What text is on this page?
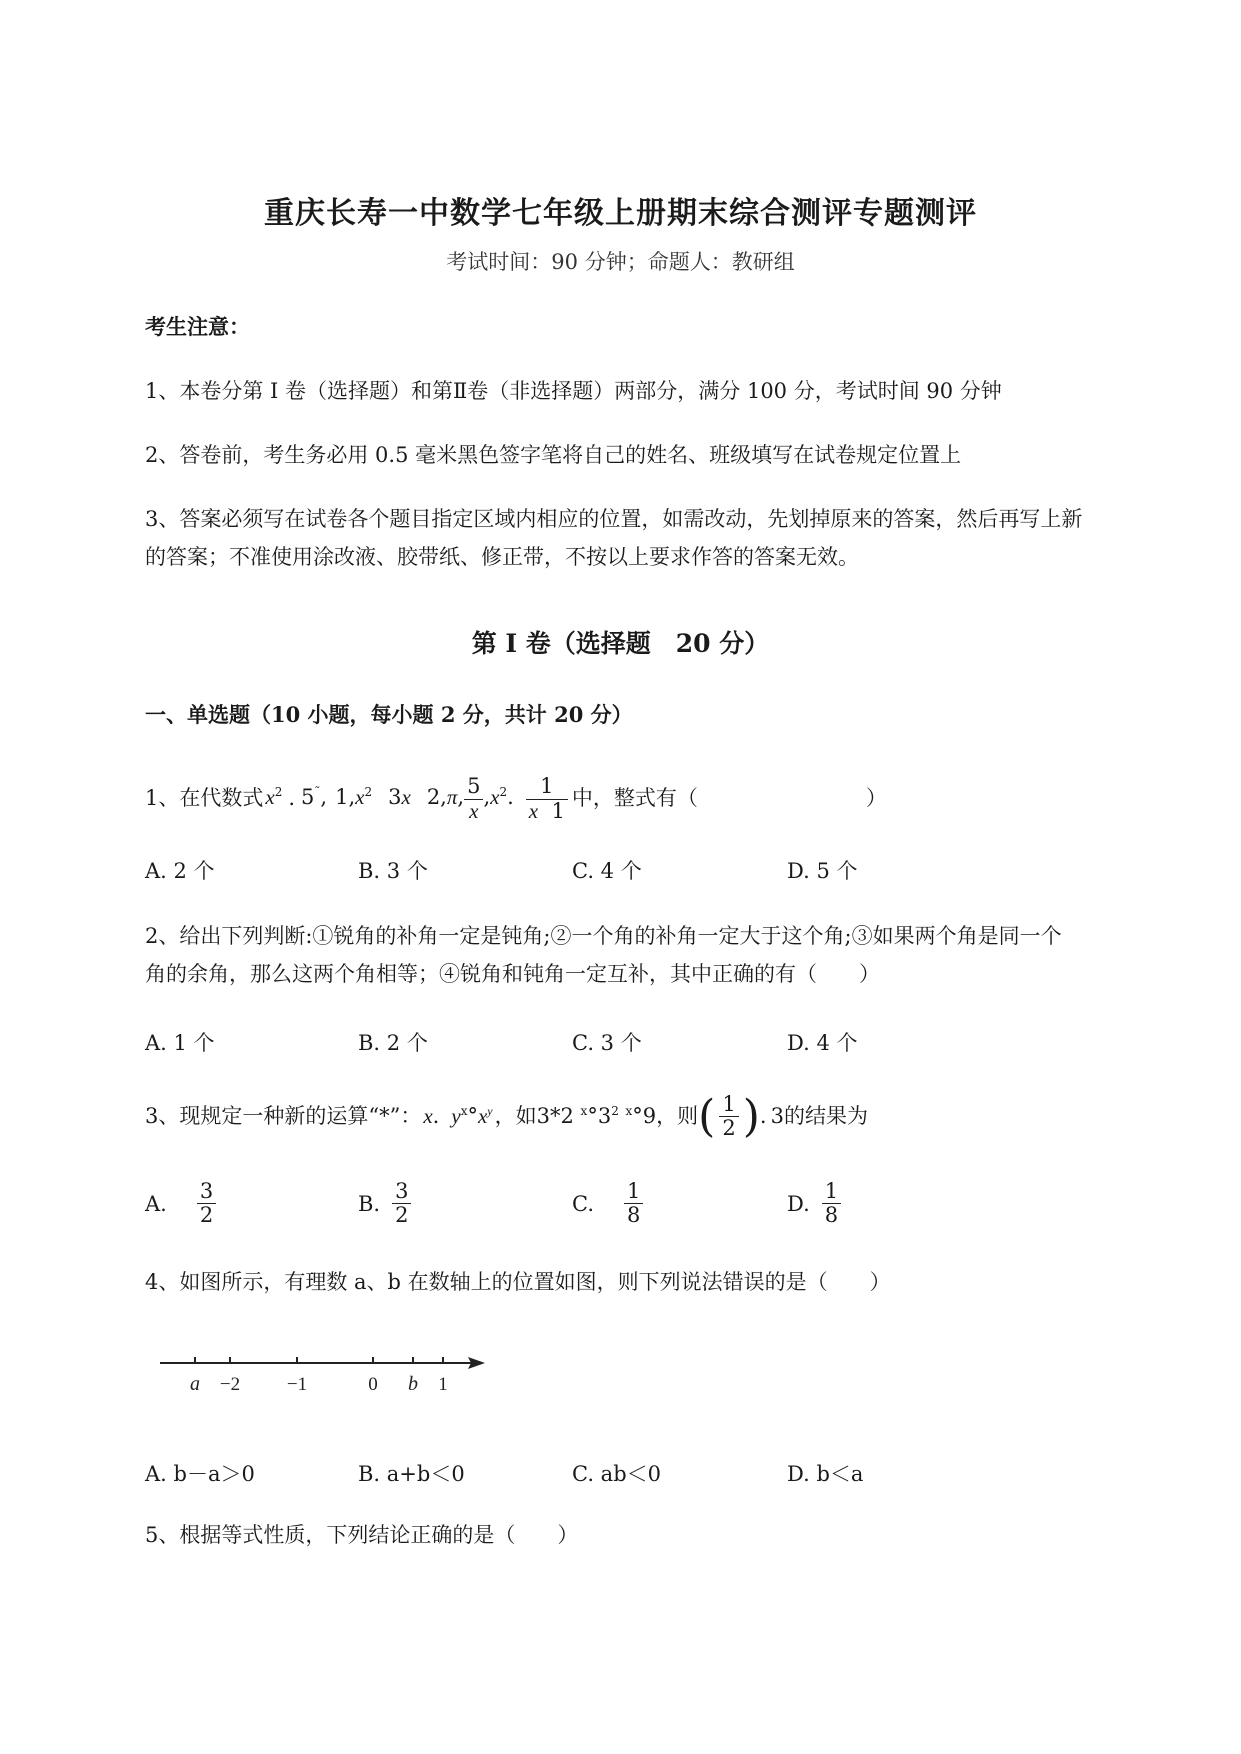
重庆长寿一中数学七年级上册期末综合测评专题测评
考试时间：90 分钟；命题人：教研组
考生注意：
1、本卷分第 I 卷（选择题）和第Ⅱ卷（非选择题）两部分，满分 100 分，考试时间 90 分钟
2、答卷前，考生务必用 0.5 毫米黑色签字笔将自己的姓名、班级填写在试卷规定位置上
3、答案必须写在试卷各个题目指定区域内相应的位置，如需改动，先划掉原来的答案，然后再写上新
的答案；不准使用涂改液、胶带纸、修正带，不按以上要求作答的答案无效。
第 I 卷（选择题　20 分）
一、单选题（10 小题，每小题 2 分，共计 20 分）
1、在代数式 $x^2$ . 5˜, $1,x^2$ 3x 2,π, $\frac{5}{x} ,x^2$. $\frac{1}{x 1}$ 中，整式有（　　　　　　　　）
A. 2 个	B. 3 个	C. 4 个	D. 5 个
2、给出下列判断:①锐角的补角一定是钝角;②一个角的补角一定大于这个角;③如果两个角是同一个
角的余角，那么这两个角相等；④锐角和钝角一定互补，其中正确的有（　　）
A. 1 个	B. 2 个	C. 3 个	D. 4 个
3、现规定一种新的运算“*”： x. $y^x^\circ x^y$ ，如 3*2 $^x^\circ 3^2$ $^x$°9 ，则 ( $\frac{1}{2}$ ) . 3 的结果为
A. $\frac{3}{2}$	B. $\frac{3}{2}$	C. $\frac{1}{8}$	D. $\frac{1}{8}$
4、如图所示，有理数 a、b 在数轴上的位置如图，则下列说法错误的是（　　）
a −2 −1	0 b 1
A. b－a＞0	B. a+b＜0	C. ab＜0	D. b＜a
5、根据等式性质，下列结论正确的是（　　）
